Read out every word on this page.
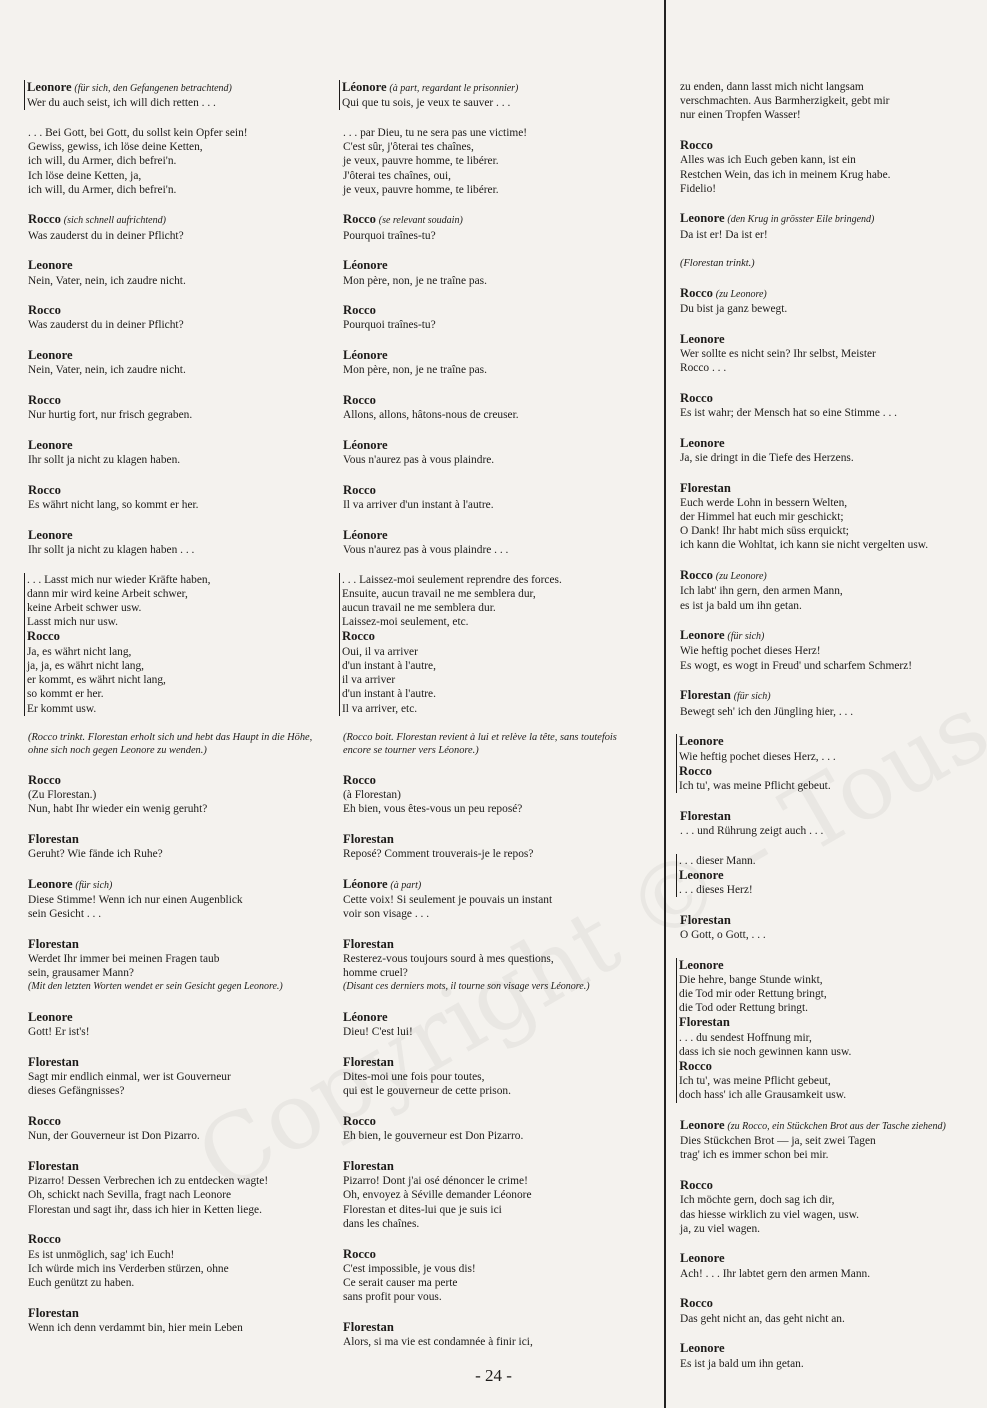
Leonore (für sich, den Gefangenen betrachtend)
Wer du auch seist, ich will dich retten . . .
. . . Bei Gott, bei Gott, du sollst kein Opfer sein!
Gewiss, gewiss, ich löse deine Ketten,
ich will, du Armer, dich befrei'n.
Ich löse deine Ketten, ja,
ich will, du Armer, dich befrei'n.
Rocco (sich schnell aufrichtend)
Was zauderst du in deiner Pflicht?
Leonore
Nein, Vater, nein, ich zaudre nicht.
Rocco
Was zauderst du in deiner Pflicht?
Leonore
Nein, Vater, nein, ich zaudre nicht.
Rocco
Nur hurtig fort, nur frisch gegraben.
Leonore
Ihr sollt ja nicht zu klagen haben.
Rocco
Es währt nicht lang, so kommt er her.
Leonore
Ihr sollt ja nicht zu klagen haben . . .
. . . Lasst mich nur wieder Kräfte haben,
dann mir wird keine Arbeit schwer,
keine Arbeit schwer usw.
Lasst mich nur usw.
Rocco
Ja, es währt nicht lang,
ja, ja, es währt nicht lang,
er kommt, es währt nicht lang,
so kommt er her.
Er kommt usw.
(Rocco trinkt. Florestan erholt sich und hebt das Haupt in die Höhe, ohne sich noch gegen Leonore zu wenden.)
Rocco
(Zu Florestan.)
Nun, habt Ihr wieder ein wenig geruht?
Florestan
Geruht? Wie fände ich Ruhe?
Leonore (für sich)
Diese Stimme! Wenn ich nur einen Augenblick
sein Gesicht . . .
Florestan
Werdet Ihr immer bei meinen Fragen taub
sein, grausamer Mann?
(Mit den letzten Worten wendet er sein Gesicht gegen Leonore.)
Leonore
Gott! Er ist's!
Florestan
Sagt mir endlich einmal, wer ist Gouverneur
dieses Gefängnisses?
Rocco
Nun, der Gouverneur ist Don Pizarro.
Florestan
Pizarro! Dessen Verbrechen ich zu entdecken wagte!
Oh, schickt nach Sevilla, fragt nach Leonore
Florestan und sagt ihr, dass ich hier in Ketten liege.
Rocco
Es ist unmöglich, sag' ich Euch!
Ich würde mich ins Verderben stürzen, ohne
Euch genützt zu haben.
Florestan
Wenn ich denn verdammt bin, hier mein Leben
Léonore (à part, regardant le prisonnier)
Qui que tu sois, je veux te sauver . . .
. . . par Dieu, tu ne sera pas une victime!
C'est sûr, j'ôterai tes chaînes,
je veux, pauvre homme, te libérer.
J'ôterai tes chaînes, oui,
je veux, pauvre homme, te libérer.
Rocco (se relevant soudain)
Pourquoi traînes-tu?
Léonore
Mon père, non, je ne traîne pas.
Rocco
Pourquoi traînes-tu?
Léonore
Mon père, non, je ne traîne pas.
Rocco
Allons, allons, hâtons-nous de creuser.
Léonore
Vous n'aurez pas à vous plaindre.
Rocco
Il va arriver d'un instant à l'autre.
Léonore
Vous n'aurez pas à vous plaindre . . .
. . . Laissez-moi seulement reprendre des forces.
Ensuite, aucun travail ne me semblera dur,
aucun travail ne me semblera dur.
Laissez-moi seulement, etc.
Rocco
Oui, il va arriver
d'un instant à l'autre,
il va arriver
d'un instant à l'autre.
Il va arriver, etc.
(Rocco boit. Florestan revient à lui et relève la tête, sans toutefois encore se tourner vers Léonore.)
Rocco
(à Florestan)
Eh bien, vous êtes-vous un peu reposé?
Florestan
Reposé? Comment trouverais-je le repos?
Léonore (à part)
Cette voix! Si seulement je pouvais un instant
voir son visage . . .
Florestan
Resterez-vous toujours sourd à mes questions,
homme cruel?
(Disant ces derniers mots, il tourne son visage vers Léonore.)
Léonore
Dieu! C'est lui!
Florestan
Dites-moi une fois pour toutes,
qui est le gouverneur de cette prison.
Rocco
Eh bien, le gouverneur est Don Pizarro.
Florestan
Pizarro! Dont j'ai osé dénoncer le crime!
Oh, envoyez à Séville demander Léonore
Florestan et dites-lui que je suis ici
dans les chaînes.
Rocco
C'est impossible, je vous dis!
Ce serait causer ma perte
sans profit pour vous.
Florestan
Alors, si ma vie est condamnée à finir ici,
zu enden, dann lasst mich nicht langsam
verschmachten. Aus Barmherzigkeit, gebt mir
nur einen Tropfen Wasser!
Rocco
Alles was ich Euch geben kann, ist ein
Restchen Wein, das ich in meinem Krug habe.
Fidelio!
Leonore (den Krug in grösster Eile bringend)
Da ist er! Da ist er!
(Florestan trinkt.)
Rocco (zu Leonore)
Du bist ja ganz bewegt.
Leonore
Wer sollte es nicht sein? Ihr selbst, Meister
Rocco . . .
Rocco
Es ist wahr; der Mensch hat so eine Stimme . . .
Leonore
Ja, sie dringt in die Tiefe des Herzens.
Florestan
Euch werde Lohn in bessern Welten,
der Himmel hat euch mir geschickt;
O Dank! Ihr habt mich süss erquickt;
ich kann die Wohltat, ich kann sie nicht vergelten usw.
Rocco (zu Leonore)
Ich labt' ihn gern, den armen Mann,
es ist ja bald um ihn getan.
Leonore (für sich)
Wie heftig pochet dieses Herz!
Es wogt, es wogt in Freud' und scharfem Schmerz!
Florestan (für sich)
Bewegt seh' ich den Jüngling hier, . . .
Leonore
Wie heftig pochet dieses Herz, . . .
Rocco
Ich tu', was meine Pflicht gebeut.
Florestan
. . . und Rührung zeigt auch . . .
. . . dieser Mann.
Leonore
. . . dieses Herz!
Florestan
O Gott, o Gott, . . .
Leonore
Die hehre, bange Stunde winkt,
die Tod mir oder Rettung bringt,
die Tod oder Rettung bringt.
Florestan
. . . du sendest Hoffnung mir,
dass ich sie noch gewinnen kann usw.
Rocco
Ich tu', was meine Pflicht gebeut,
doch hass' ich alle Grausamkeit usw.
Leonore (zu Rocco, ein Stückchen Brot aus der Tasche ziehend)
Dies Stückchen Brot — ja, seit zwei Tagen
trag' ich es immer schon bei mir.
Rocco
Ich möchte gern, doch sag ich dir,
das hiesse wirklich zu viel wagen, usw.
ja, zu viel wagen.
Leonore
Ach! . . . Ihr labtet gern den armen Mann.
Rocco
Das geht nicht an, das geht nicht an.
Leonore
Es ist ja bald um ihn getan.
- 24 -
